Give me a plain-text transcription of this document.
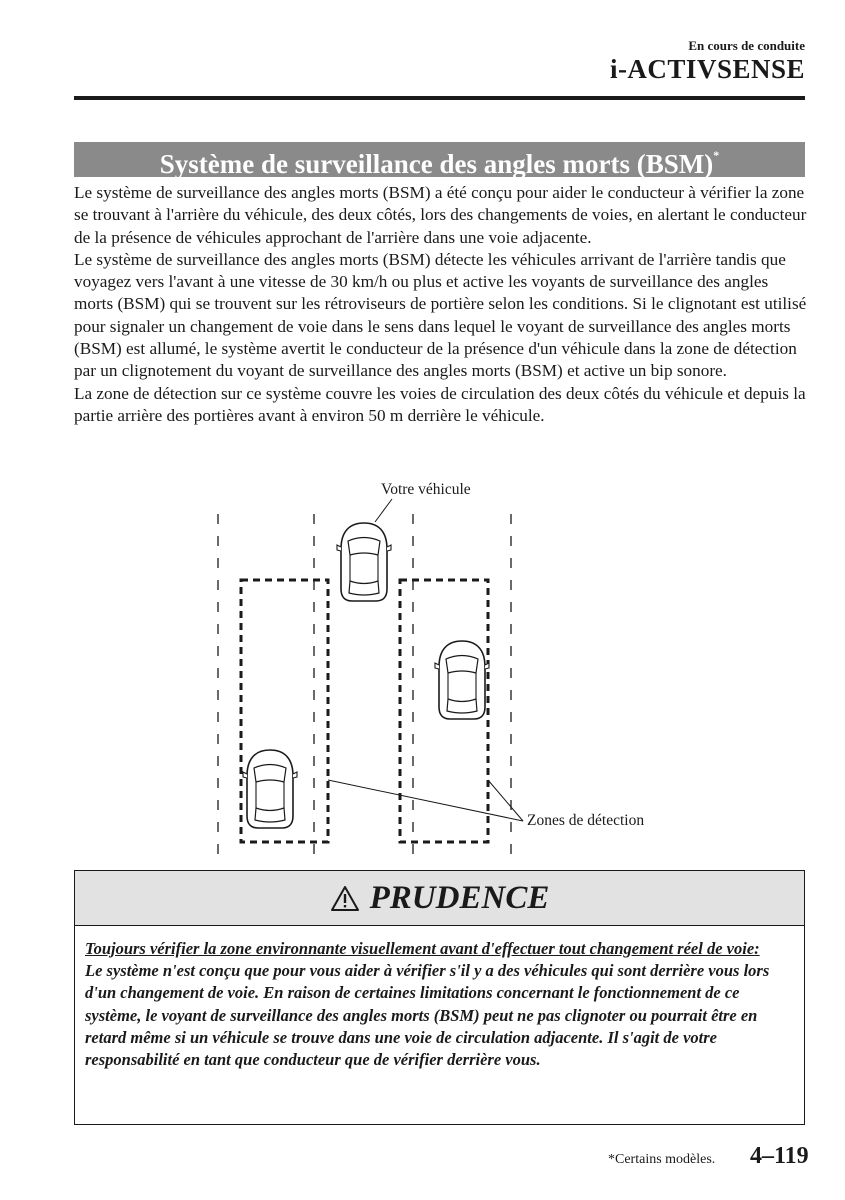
En cours de conduite
i-ACTIVSENSE
Système de surveillance des angles morts (BSM)*

Le système de surveillance des angles morts (BSM) a été conçu pour aider le conducteur à vérifier la zone se trouvant à l'arrière du véhicule, des deux côtés, lors des changements de voies, en alertant le conducteur de la présence de véhicules approchant de l'arrière dans une voie adjacente.

Le système de surveillance des angles morts (BSM) détecte les véhicules arrivant de l'arrière tandis que voyagez vers l'avant à une vitesse de 30 km/h ou plus et active les voyants de surveillance des angles morts (BSM) qui se trouvent sur les rétroviseurs de portière selon les conditions. Si le clignotant est utilisé pour signaler un changement de voie dans le sens dans lequel le voyant de surveillance des angles morts (BSM) est allumé, le système avertit le conducteur de la présence d'un véhicule dans la zone de détection par un clignotement du voyant de surveillance des angles morts (BSM) et active un bip sonore.

La zone de détection sur ce système couvre les voies de circulation des deux côtés du véhicule et depuis la partie arrière des portières avant à environ 50 m derrière le véhicule.

Votre véhicule
Zones de détection
PRUDENCE

Toujours vérifier la zone environnante visuellement avant d'effectuer tout changement réel de voie:

Le système n'est conçu que pour vous aider à vérifier s'il y a des véhicules qui sont derrière vous lors d'un changement de voie. En raison de certaines limitations concernant le fonctionnement de ce système, le voyant de surveillance des angles morts (BSM) peut ne pas clignoter ou pourrait être en retard même si un véhicule se trouve dans une voie de circulation adjacente. Il s'agit de votre responsabilité en tant que conducteur que de vérifier derrière vous.

*Certains modèles. 4–119
